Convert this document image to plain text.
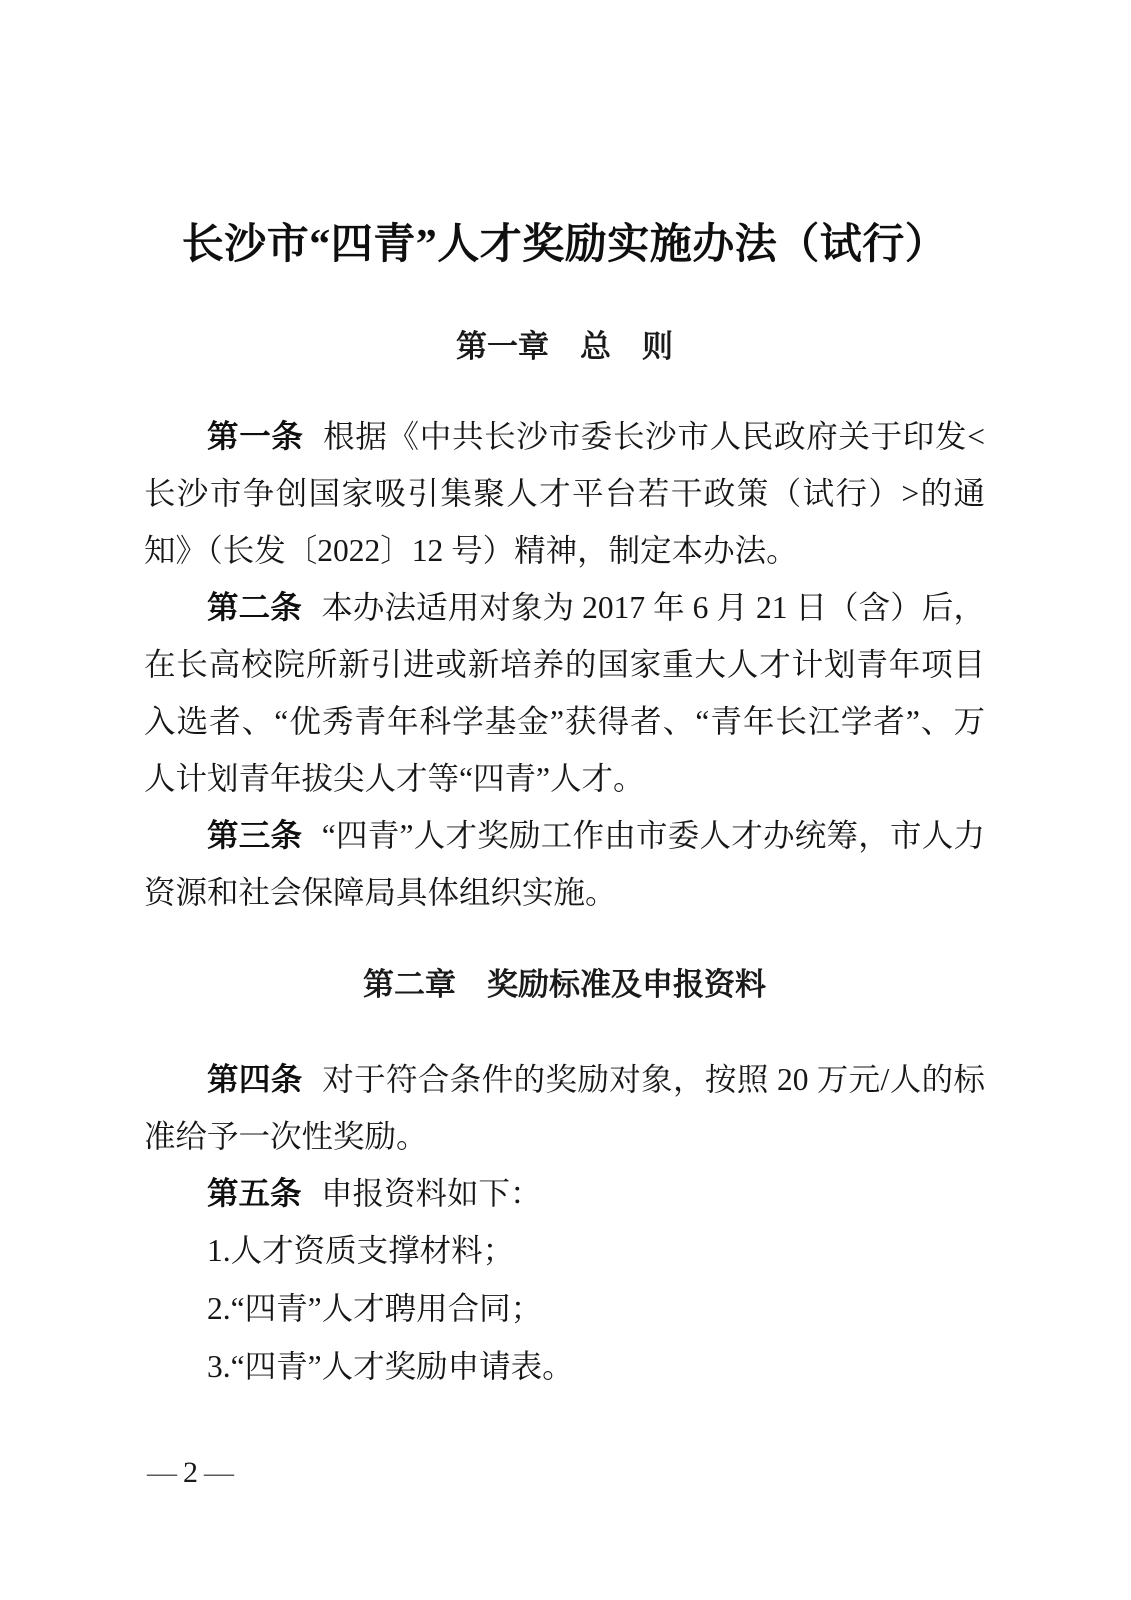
长沙市“四青”人才奖励实施办法（试行）
第一章　总　则

第一条 根据《中共长沙市委长沙市人民政府关于印发<长沙市争创国家吸引集聚人才平台若干政策（试行）>的通知》（长发〔2022〕12 号）精神，制定本办法。

第二条 本办法适用对象为 2017 年 6 月 21 日（含）后，在长高校院所新引进或新培养的国家重大人才计划青年项目入选者、“优秀青年科学基金”获得者、“青年长江学者”、万人计划青年拔尖人才等“四青”人才。

第三条 “四青”人才奖励工作由市委人才办统筹，市人力资源和社会保障局具体组织实施。

第二章　奖励标准及申报资料

第四条 对于符合条件的奖励对象，按照 20 万元/人的标准给予一次性奖励。

第五条 申报资料如下：

1.人才资质支撑材料；

2.“四青”人才聘用合同；

3.“四青”人才奖励申请表。

— 2 —
